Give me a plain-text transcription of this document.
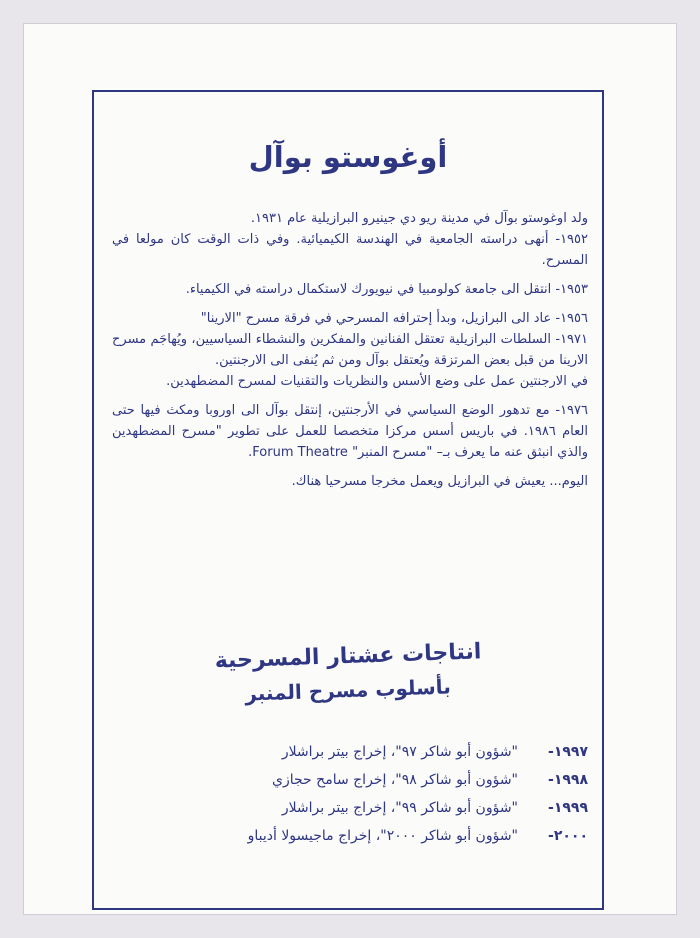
أوغوستو بوآل

ولد اوغوستو بوآل في مدينة ريو دي جينيرو البرازيلية عام ١٩٣١.

١٩٥٢- أنهى دراسته الجامعية في الهندسة الكيميائية. وفي ذات الوقت كان مولعا في المسرح.

١٩٥٣- انتقل الى جامعة كولومبيا في نيويورك لاستكمال دراسته في الكيمياء.

١٩٥٦- عاد الى البرازيل، وبدأ إحترافه المسرحي في فرقة مسرح "الارينا"

١٩٧١- السلطات البرازيلية تعتقل الفنانين والمفكرين والنشطاء السياسيين، ويُهاجَم مسرح الارينا من قبل بعض المرتزقة ويُعتقل بوآل ومن ثم يُنفى الى الارجنتين.

في الارجنتين عمل على وضع الأسس والنظريات والتقنيات لمسرح المضطهدين.

١٩٧٦- مع تدهور الوضع السياسي في الأرجنتين، إنتقل بوآل الى اوروبا ومكث فيها حتى العام ١٩٨٦. في باريس أسس مركزا متخصصا للعمل على تطوير "مسرح المضطهدين والذي انبثق عنه ما يعرف بـ– "مسرح المنبر" Forum Theatre.

اليوم... يعيش في البرازيل ويعمل مخرجا مسرحيا هناك.

انتاجات عشتار المسرحية
بأسلوب مسرح المنبر
١٩٩٧-
"شؤون أبو شاكر ٩٧"، إخراج بيتر براشلار
١٩٩٨-
"شؤون أبو شاكر ٩٨"، إخراج سامح حجازي
١٩٩٩-
"شؤون أبو شاكر ٩٩"، إخراج بيتر براشلار
٢٠٠٠-
"شؤون أبو شاكر ٢٠٠٠"، إخراج ماجيسولا أديباو
